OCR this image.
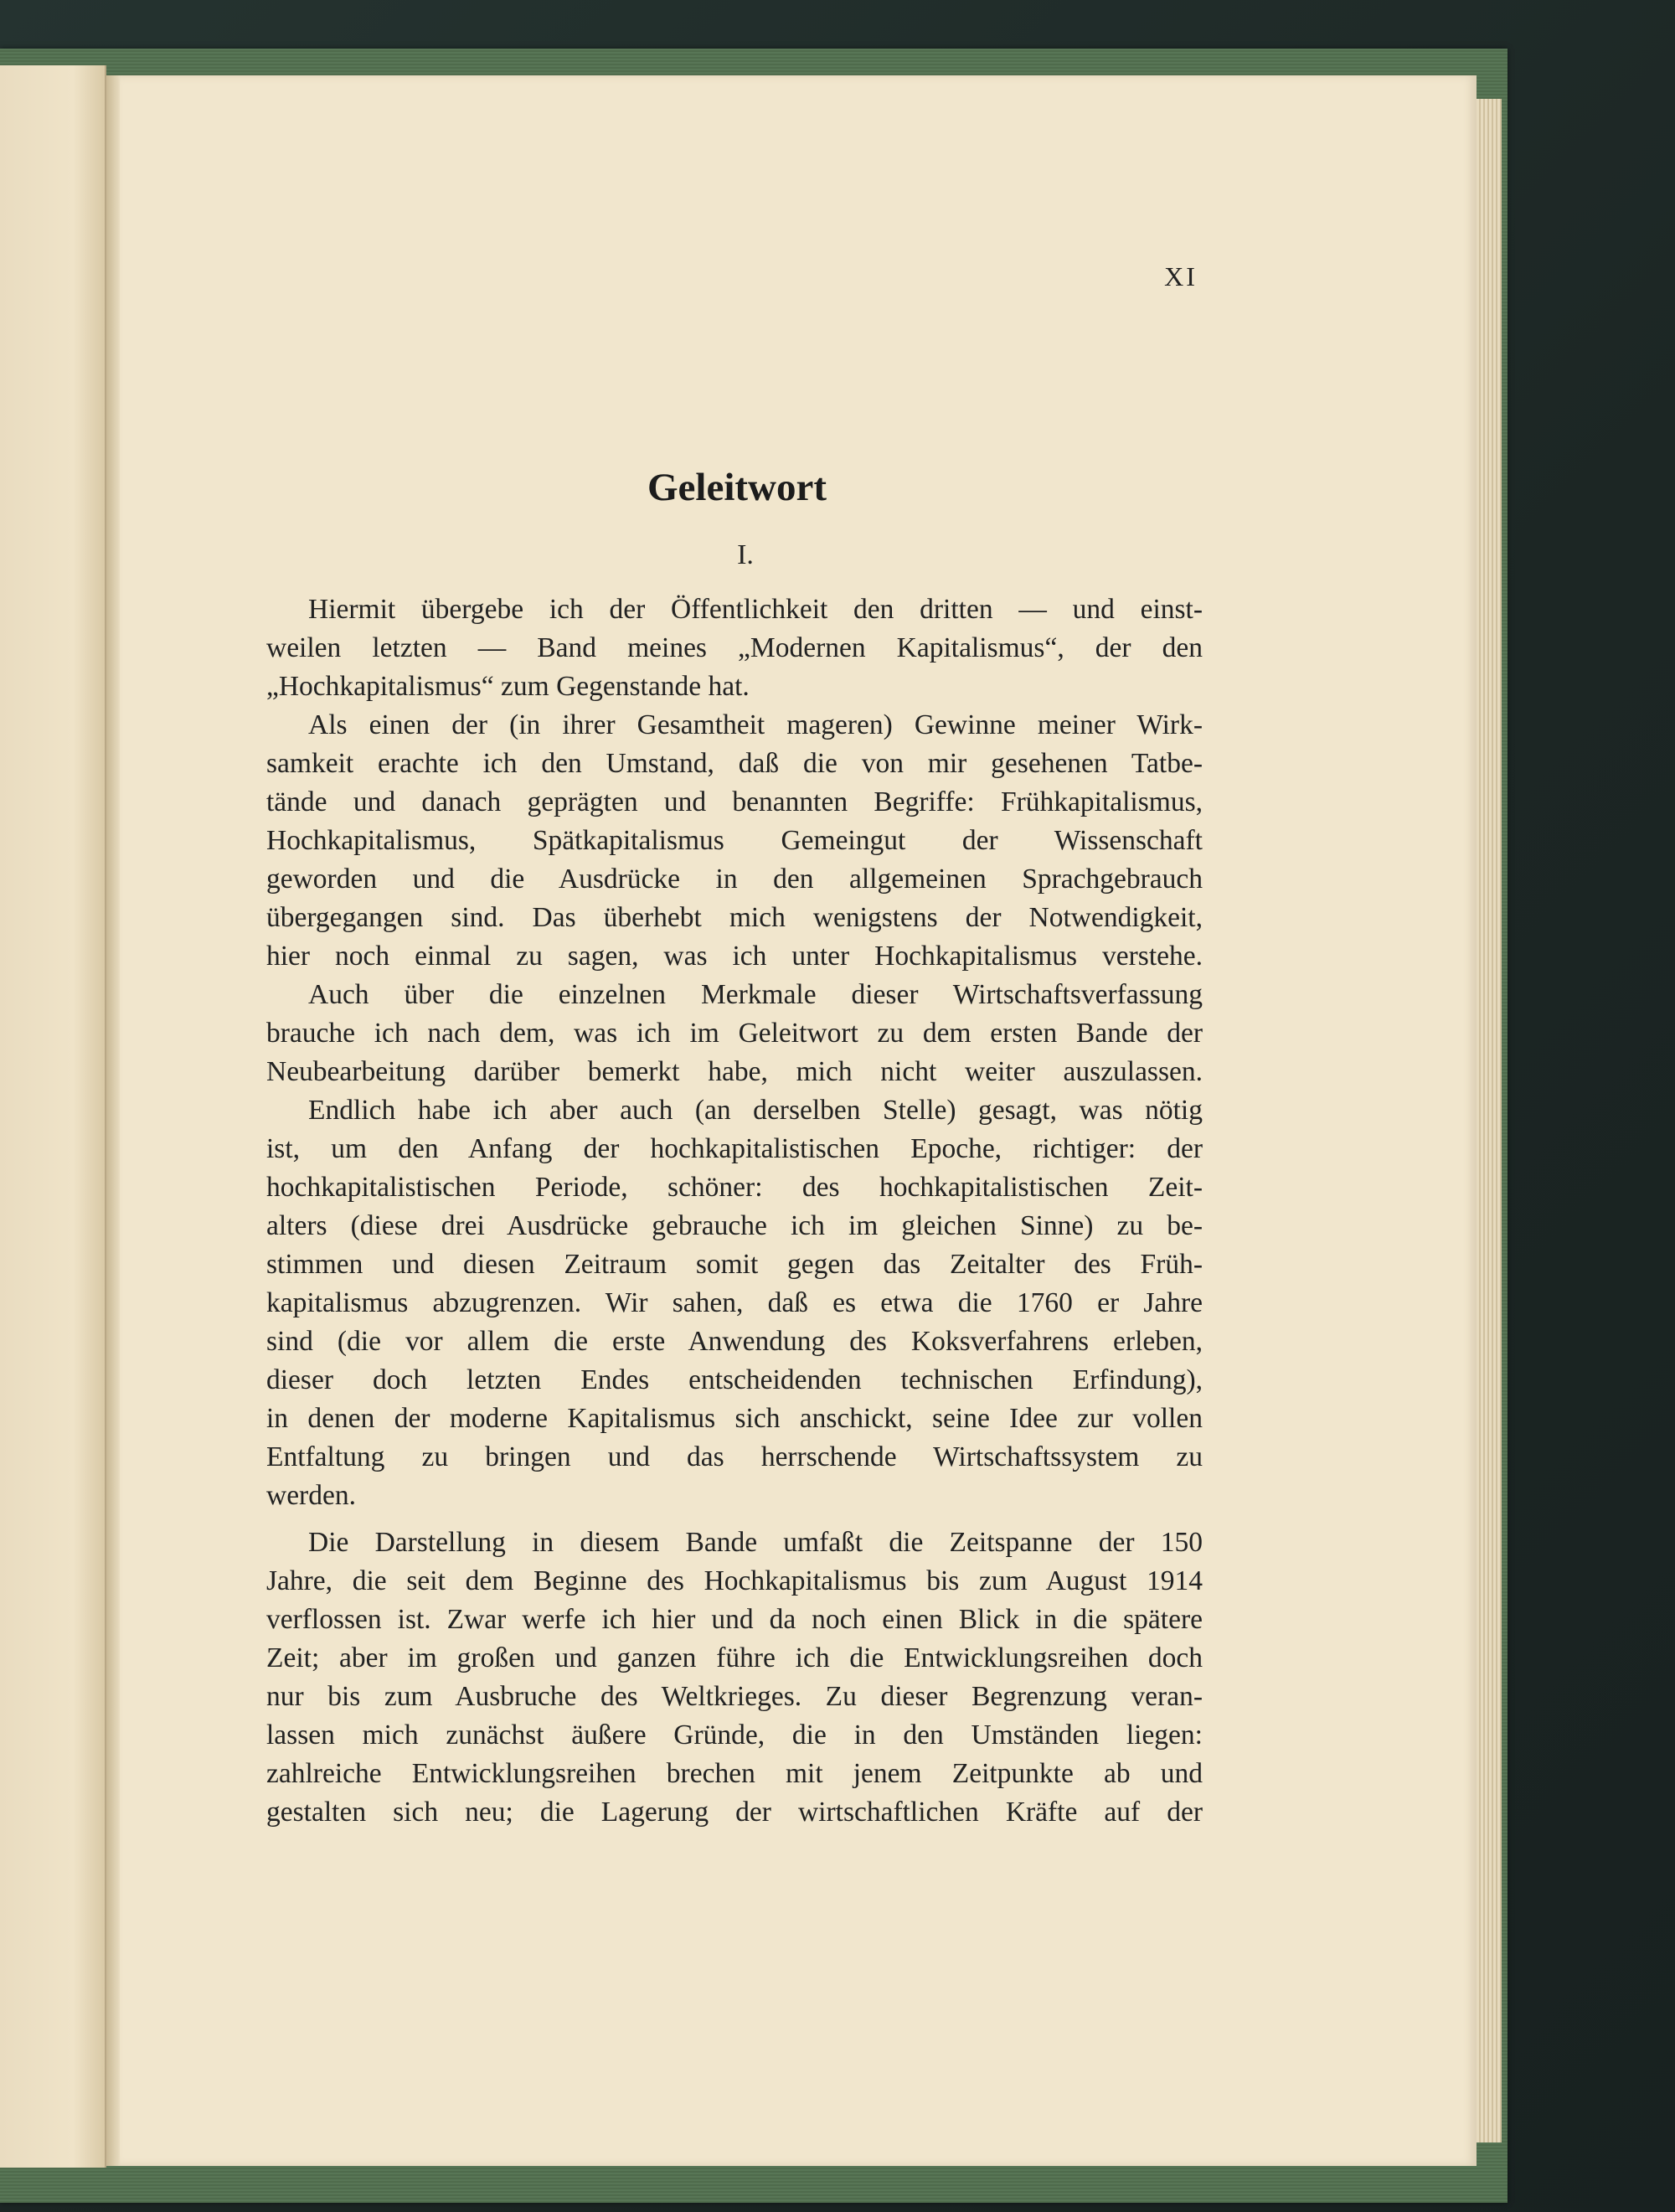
XI
Geleitwort
I.
Hiermit übergebe ich der Öffentlichkeit den dritten — und einst-
weilen letzten — Band meines „Modernen Kapitalismus“, der den
„Hochkapitalismus“ zum Gegenstande hat.
Als einen der (in ihrer Gesamtheit mageren) Gewinne meiner Wirk-
samkeit erachte ich den Umstand, daß die von mir gesehenen Tatbe-
tände und danach geprägten und benannten Begriffe: Frühkapitalismus,
Hochkapitalismus, Spätkapitalismus Gemeingut der Wissenschaft
geworden und die Ausdrücke in den allgemeinen Sprachgebrauch
übergegangen sind. Das überhebt mich wenigstens der Notwendigkeit,
hier noch einmal zu sagen, was ich unter Hochkapitalismus verstehe.
Auch über die einzelnen Merkmale dieser Wirtschaftsverfassung
brauche ich nach dem, was ich im Geleitwort zu dem ersten Bande der
Neubearbeitung darüber bemerkt habe, mich nicht weiter auszulassen.
Endlich habe ich aber auch (an derselben Stelle) gesagt, was nötig
ist, um den Anfang der hochkapitalistischen Epoche, richtiger: der
hochkapitalistischen Periode, schöner: des hochkapitalistischen Zeit-
alters (diese drei Ausdrücke gebrauche ich im gleichen Sinne) zu be-
stimmen und diesen Zeitraum somit gegen das Zeitalter des Früh-
kapitalismus abzugrenzen. Wir sahen, daß es etwa die 1760 er Jahre
sind (die vor allem die erste Anwendung des Koksverfahrens erleben,
dieser doch letzten Endes entscheidenden technischen Erfindung),
in denen der moderne Kapitalismus sich anschickt, seine Idee zur vollen
Entfaltung zu bringen und das herrschende Wirtschaftssystem zu
werden.
Die Darstellung in diesem Bande umfaßt die Zeitspanne der 150
Jahre, die seit dem Beginne des Hochkapitalismus bis zum August 1914
verflossen ist. Zwar werfe ich hier und da noch einen Blick in die spätere
Zeit; aber im großen und ganzen führe ich die Entwicklungsreihen doch
nur bis zum Ausbruche des Weltkrieges. Zu dieser Begrenzung veran-
lassen mich zunächst äußere Gründe, die in den Umständen liegen:
zahlreiche Entwicklungsreihen brechen mit jenem Zeitpunkte ab und
gestalten sich neu; die Lagerung der wirtschaftlichen Kräfte auf der
